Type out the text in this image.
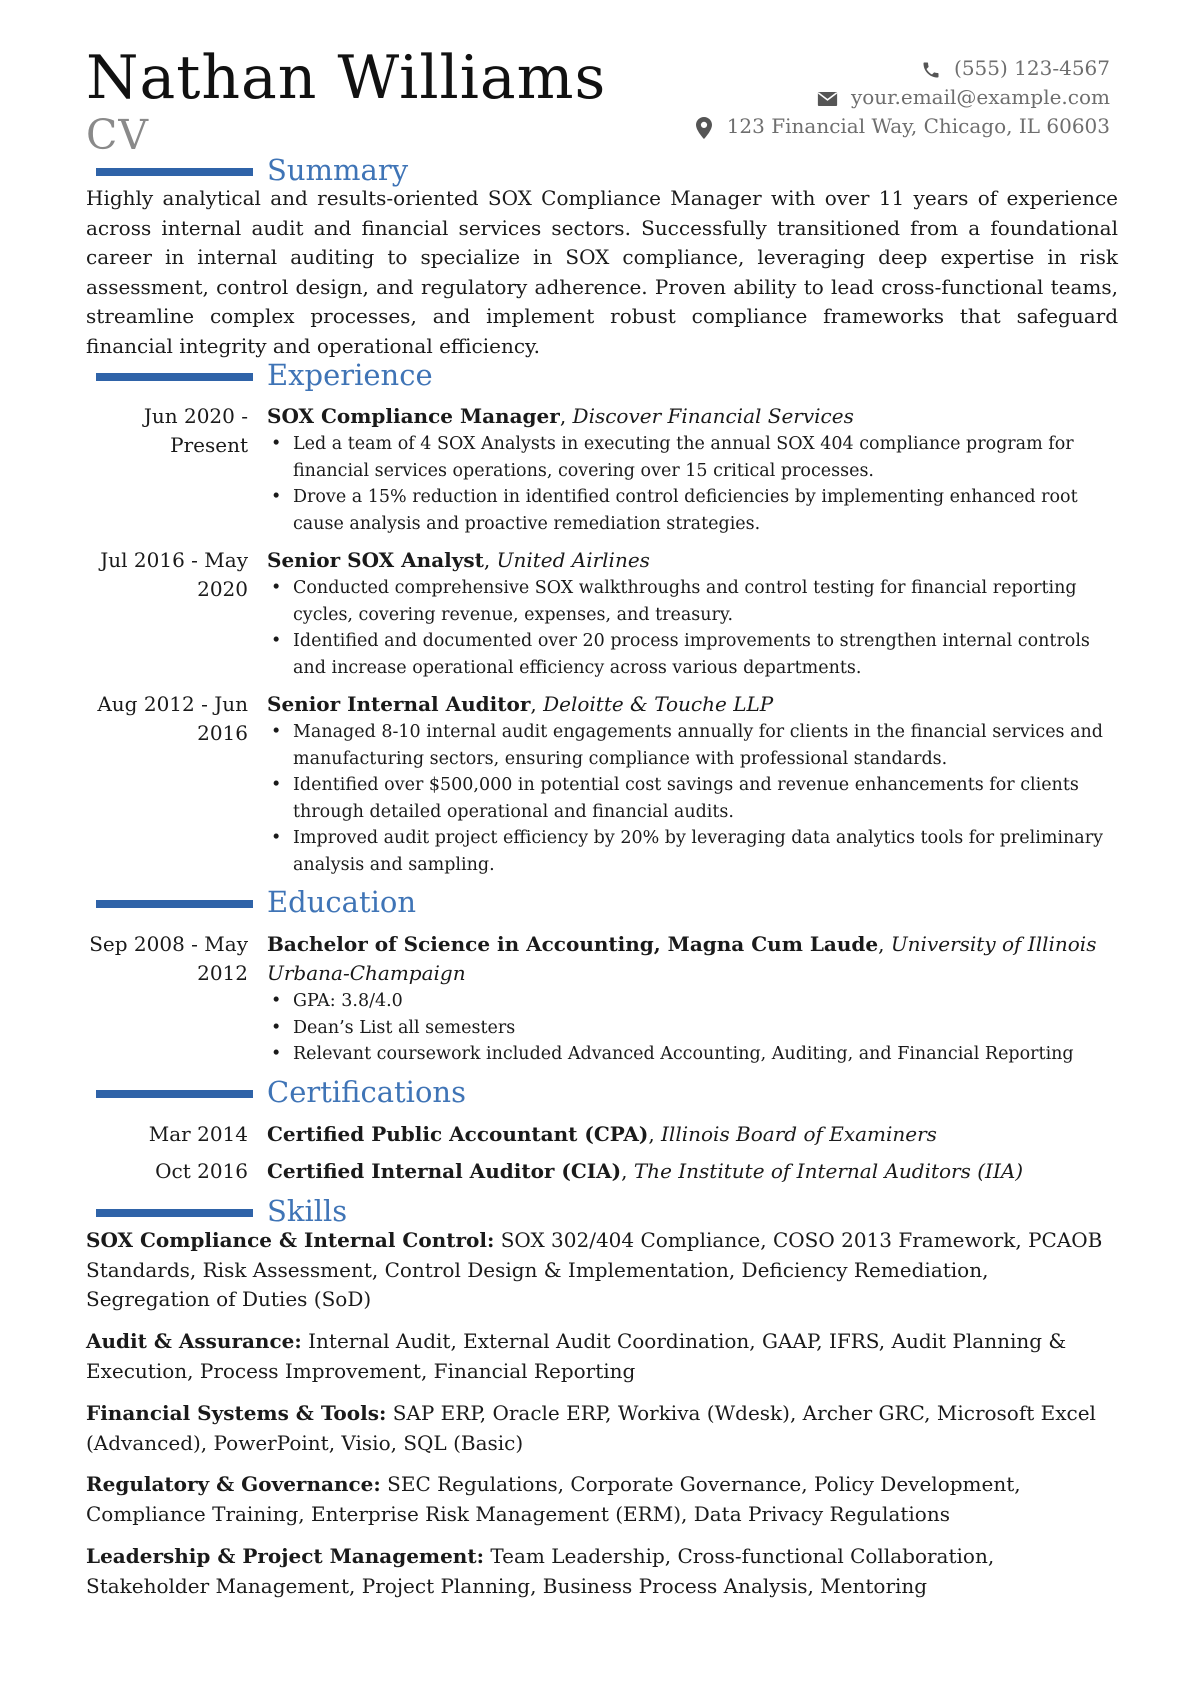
Nathan Williams
CV
(555) 123-4567
your.email@example.com
123 Financial Way, Chicago, IL 60603
Summary
Highly analytical and results-oriented SOX Compliance Manager with over 11 years of experience across internal audit and financial services sectors. Successfully transitioned from a foundational career in internal auditing to specialize in SOX compliance, leveraging deep expertise in risk assessment, control design, and regulatory adherence. Proven ability to lead cross-functional teams, streamline complex processes, and implement robust compliance frameworks that safeguard financial integrity and operational efficiency.
Experience
Jun 2020 - Present
SOX Compliance Manager, Discover Financial Services
• Led a team of 4 SOX Analysts in executing the annual SOX 404 compliance program for financial services operations, covering over 15 critical processes.
• Drove a 15% reduction in identified control deficiencies by implementing enhanced root cause analysis and proactive remediation strategies.
Jul 2016 - May 2020
Senior SOX Analyst, United Airlines
• Conducted comprehensive SOX walkthroughs and control testing for financial reporting cycles, covering revenue, expenses, and treasury.
• Identified and documented over 20 process improvements to strengthen internal controls and increase operational efficiency across various departments.
Aug 2012 - Jun 2016
Senior Internal Auditor, Deloitte & Touche LLP
• Managed 8-10 internal audit engagements annually for clients in the financial services and manufacturing sectors, ensuring compliance with professional standards.
• Identified over $500,000 in potential cost savings and revenue enhancements for clients through detailed operational and financial audits.
• Improved audit project efficiency by 20% by leveraging data analytics tools for preliminary analysis and sampling.
Education
Sep 2008 - May 2012
Bachelor of Science in Accounting, Magna Cum Laude, University of Illinois Urbana-Champaign
• GPA: 3.8/4.0
• Dean’s List all semesters
• Relevant coursework included Advanced Accounting, Auditing, and Financial Reporting
Certifications
Mar 2014 Certified Public Accountant (CPA), Illinois Board of Examiners
Oct 2016 Certified Internal Auditor (CIA), The Institute of Internal Auditors (IIA)
Skills
SOX Compliance & Internal Control: SOX 302/404 Compliance, COSO 2013 Framework, PCAOB Standards, Risk Assessment, Control Design & Implementation, Deficiency Remediation, Segregation of Duties (SoD)
Audit & Assurance: Internal Audit, External Audit Coordination, GAAP, IFRS, Audit Planning & Execution, Process Improvement, Financial Reporting
Financial Systems & Tools: SAP ERP, Oracle ERP, Workiva (Wdesk), Archer GRC, Microsoft Excel (Advanced), PowerPoint, Visio, SQL (Basic)
Regulatory & Governance: SEC Regulations, Corporate Governance, Policy Development, Compliance Training, Enterprise Risk Management (ERM), Data Privacy Regulations
Leadership & Project Management: Team Leadership, Cross-functional Collaboration, Stakeholder Management, Project Planning, Business Process Analysis, Mentoring
